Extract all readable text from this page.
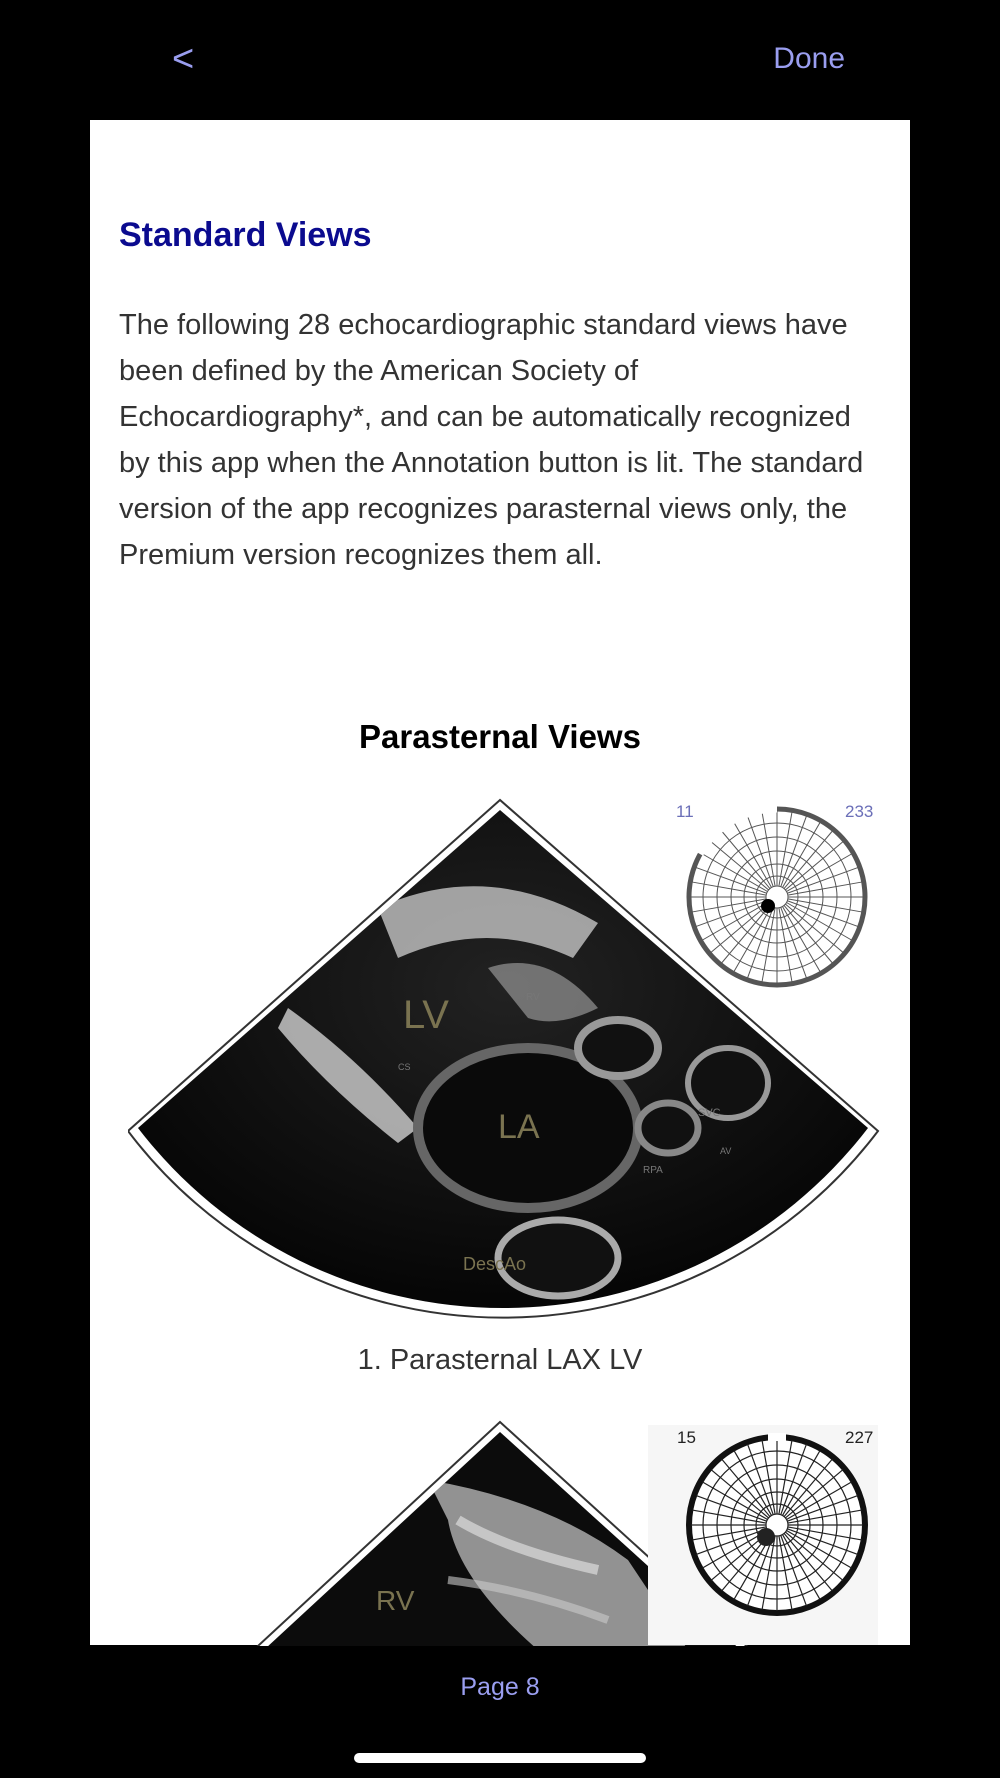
<	Done
Standard Views
The following 28 echocardiographic standard views have been defined by the American Society of Echocardiography*, and can be automatically recognized by this app when the Annotation button is lit. The standard version of the app recognizes parasternal views only, the Premium version recognizes them all.
Parasternal Views
LV
LA
DescAo
SVC
RPA
RV
CS
AV
1. Parasternal LAX LV
11	233
RV
15	227
Page 8
